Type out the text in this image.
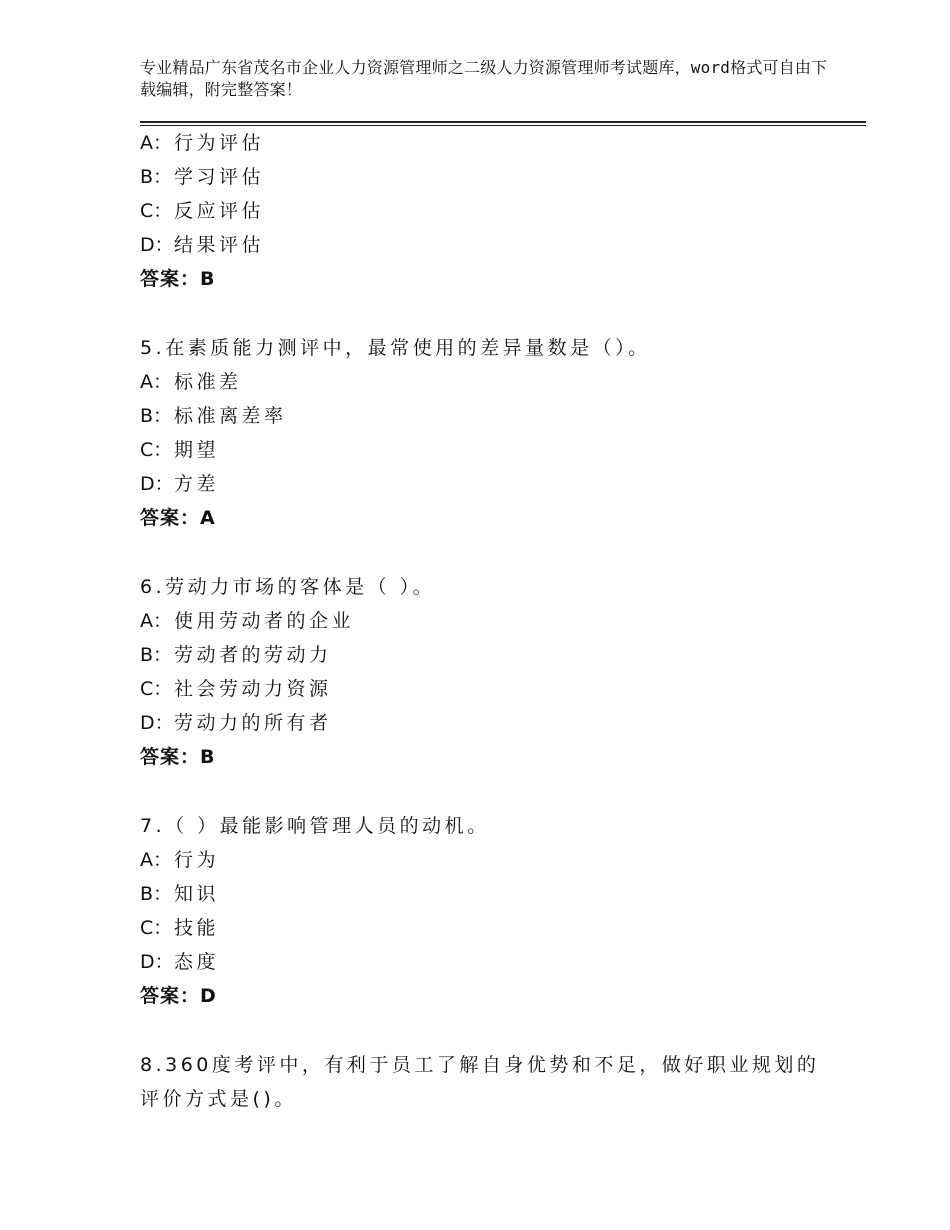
专业精品广东省茂名市企业人力资源管理师之二级人力资源管理师考试题库，word格式可自由下载编辑，附完整答案！
A： 行为评估
B： 学习评估
C：反应评估
D：结果评估
答案：B
5.在素质能力测评中，最常使用的差异量数是（）。
A： 标准差
B： 标准离差率
C：期望
D：方差
答案：A
6.劳动力市场的客体是（ ）。
A： 使用劳动者的企业
B： 劳动者的劳动力
C：社会劳动力资源
D：劳动力的所有者
答案：B
7.（ ）最能影响管理人员的动机。
A： 行为
B： 知识
C：技能
D：态度
答案：D
8.360度考评中，有利于员工了解自身优势和不足，做好职业规划的评价方式是()。
